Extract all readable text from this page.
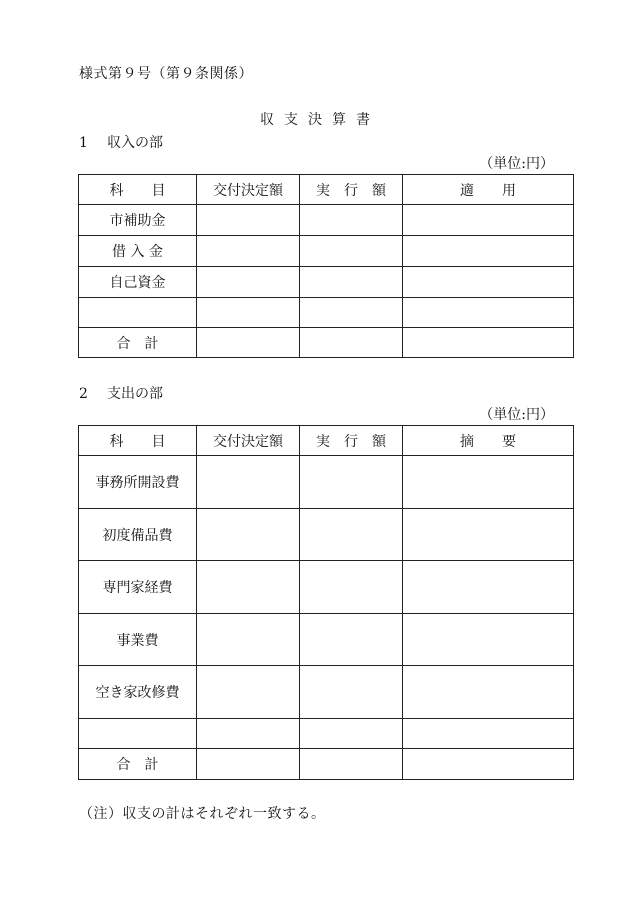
様式第９号（第９条関係）
収支決算書
1 収入の部
（単位:円）
科　　目	交付決定額	実　行　額	適　　用
市補助金			
借 入 金			
自己資金			

合　計			
2 支出の部
（単位:円）
科　　目	交付決定額	実　行　額	摘　　要
事務所開設費			
初度備品費			
専門家経費			
事業費			
空き家改修費			

合　計			
（注）収支の計はそれぞれ一致する。
